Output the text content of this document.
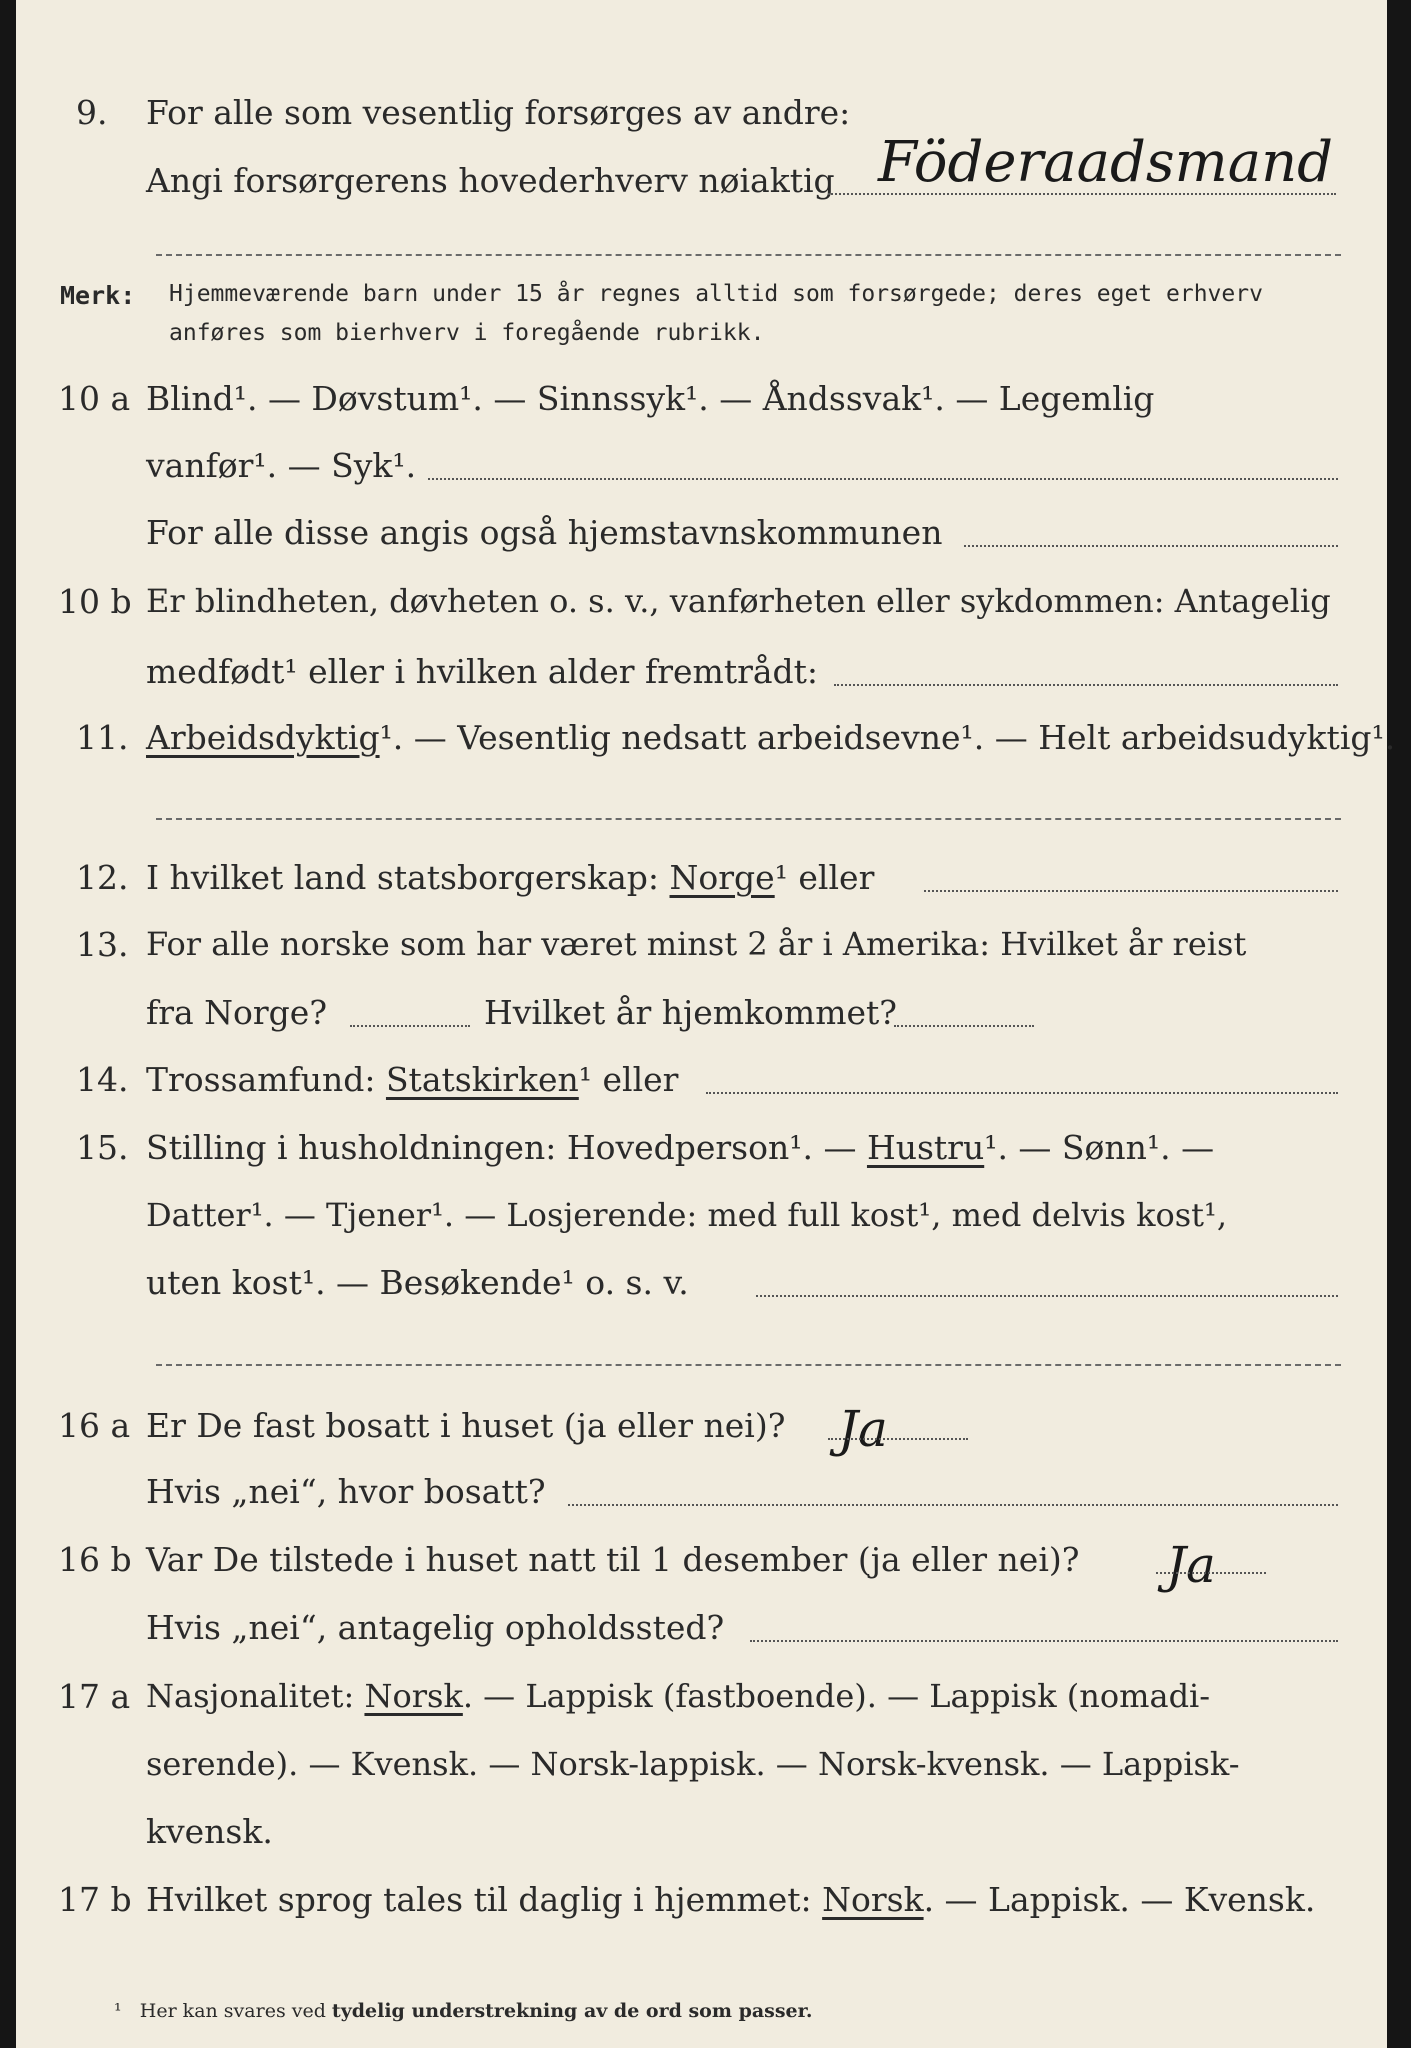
9. For alle som vesentlig forsørges av andre:
Angi forsørgerens hovederhverv nøiaktig Föderaadsmand
Merk: Hjemmeværende barn under 15 år regnes alltid som forsørgede; deres eget erhverv
anføres som bierhverv i foregående rubrikk.
10 a Blind¹. — Døvstum¹. — Sinnssyk¹. — Åndssvak¹. — Legemlig
vanfør¹. — Syk¹.
For alle disse angis også hjemstavnskommunen
10 b Er blindheten, døvheten o. s. v., vanførheten eller sykdommen: Antagelig
medfødt¹ eller i hvilken alder fremtrådt:
11. Arbeidsdyktig¹. — Vesentlig nedsatt arbeidsevne¹. — Helt arbeidsudyktig¹.
12. I hvilket land statsborgerskap: Norge¹ eller
13. For alle norske som har været minst 2 år i Amerika: Hvilket år reist
fra Norge?	Hvilket år hjemkommet?
14. Trossamfund: Statskirken¹ eller
15. Stilling i husholdningen: Hovedperson¹. — Hustru¹. — Sønn¹. —
Datter¹. — Tjener¹. — Losjerende: med full kost¹, med delvis kost¹,
uten kost¹. — Besøkende¹ o. s. v.
16 a Er De fast bosatt i huset (ja eller nei)? Ja
Hvis „nei“, hvor bosatt?
16 b Var De tilstede i huset natt til 1 desember (ja eller nei)? Ja
Hvis „nei“, antagelig opholdssted?
17 a Nasjonalitet: Norsk. — Lappisk (fastboende). — Lappisk (nomadi-
serende). — Kvensk. — Norsk-lappisk. — Norsk-kvensk. — Lappisk-
kvensk.
17 b Hvilket sprog tales til daglig i hjemmet: Norsk. — Lappisk. — Kvensk.
¹ Her kan svares ved tydelig understrekning av de ord som passer.
